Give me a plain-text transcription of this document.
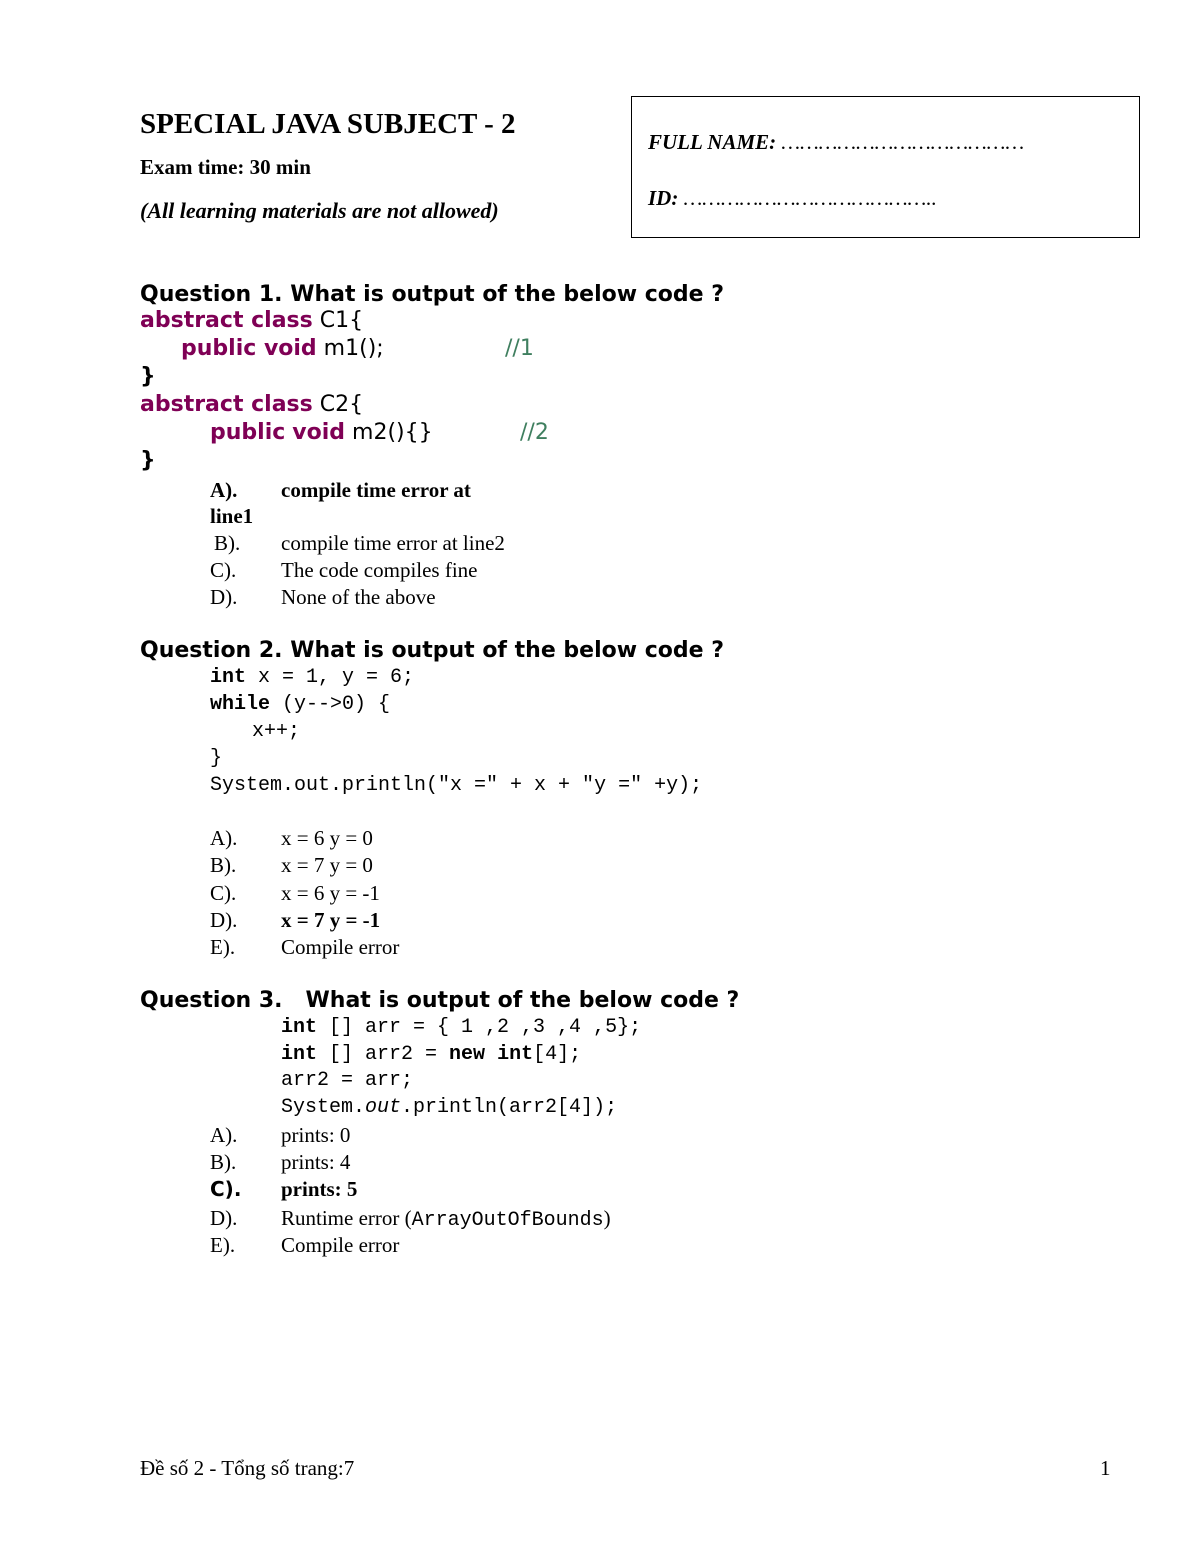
SPECIAL JAVA SUBJECT - 2
Exam time: 30 min
(All learning materials are not allowed)
FULL NAME: …………………………………
ID: …………………………………..
Question 1. What is output of the below code ?
abstract class C1{
public void m1();	//1
}
abstract class C2{
public void m2(){}	//2
}
A). compile time error at
line1
B). compile time error at line2
C). The code compiles fine
D). None of the above
Question 2. What is output of the below code ?
int x = 1, y = 6;
while (y-->0) {
x++;
}
System.out.println("x =" + x + "y =" +y);
A). x = 6 y = 0
B). x = 7 y = 0
C). x = 6 y = -1
D). x = 7 y = -1
E). Compile error
Question 3. What is output of the below code ?
int [] arr = { 1 ,2 ,3 ,4 ,5};
int [] arr2 = new int[4];
arr2 = arr;
System.out.println(arr2[4]);
A). prints: 0
B). prints: 4
C). prints: 5
D). Runtime error (ArrayOutOfBounds)
E). Compile error
Đề số 2 - Tổng số trang:7	1
